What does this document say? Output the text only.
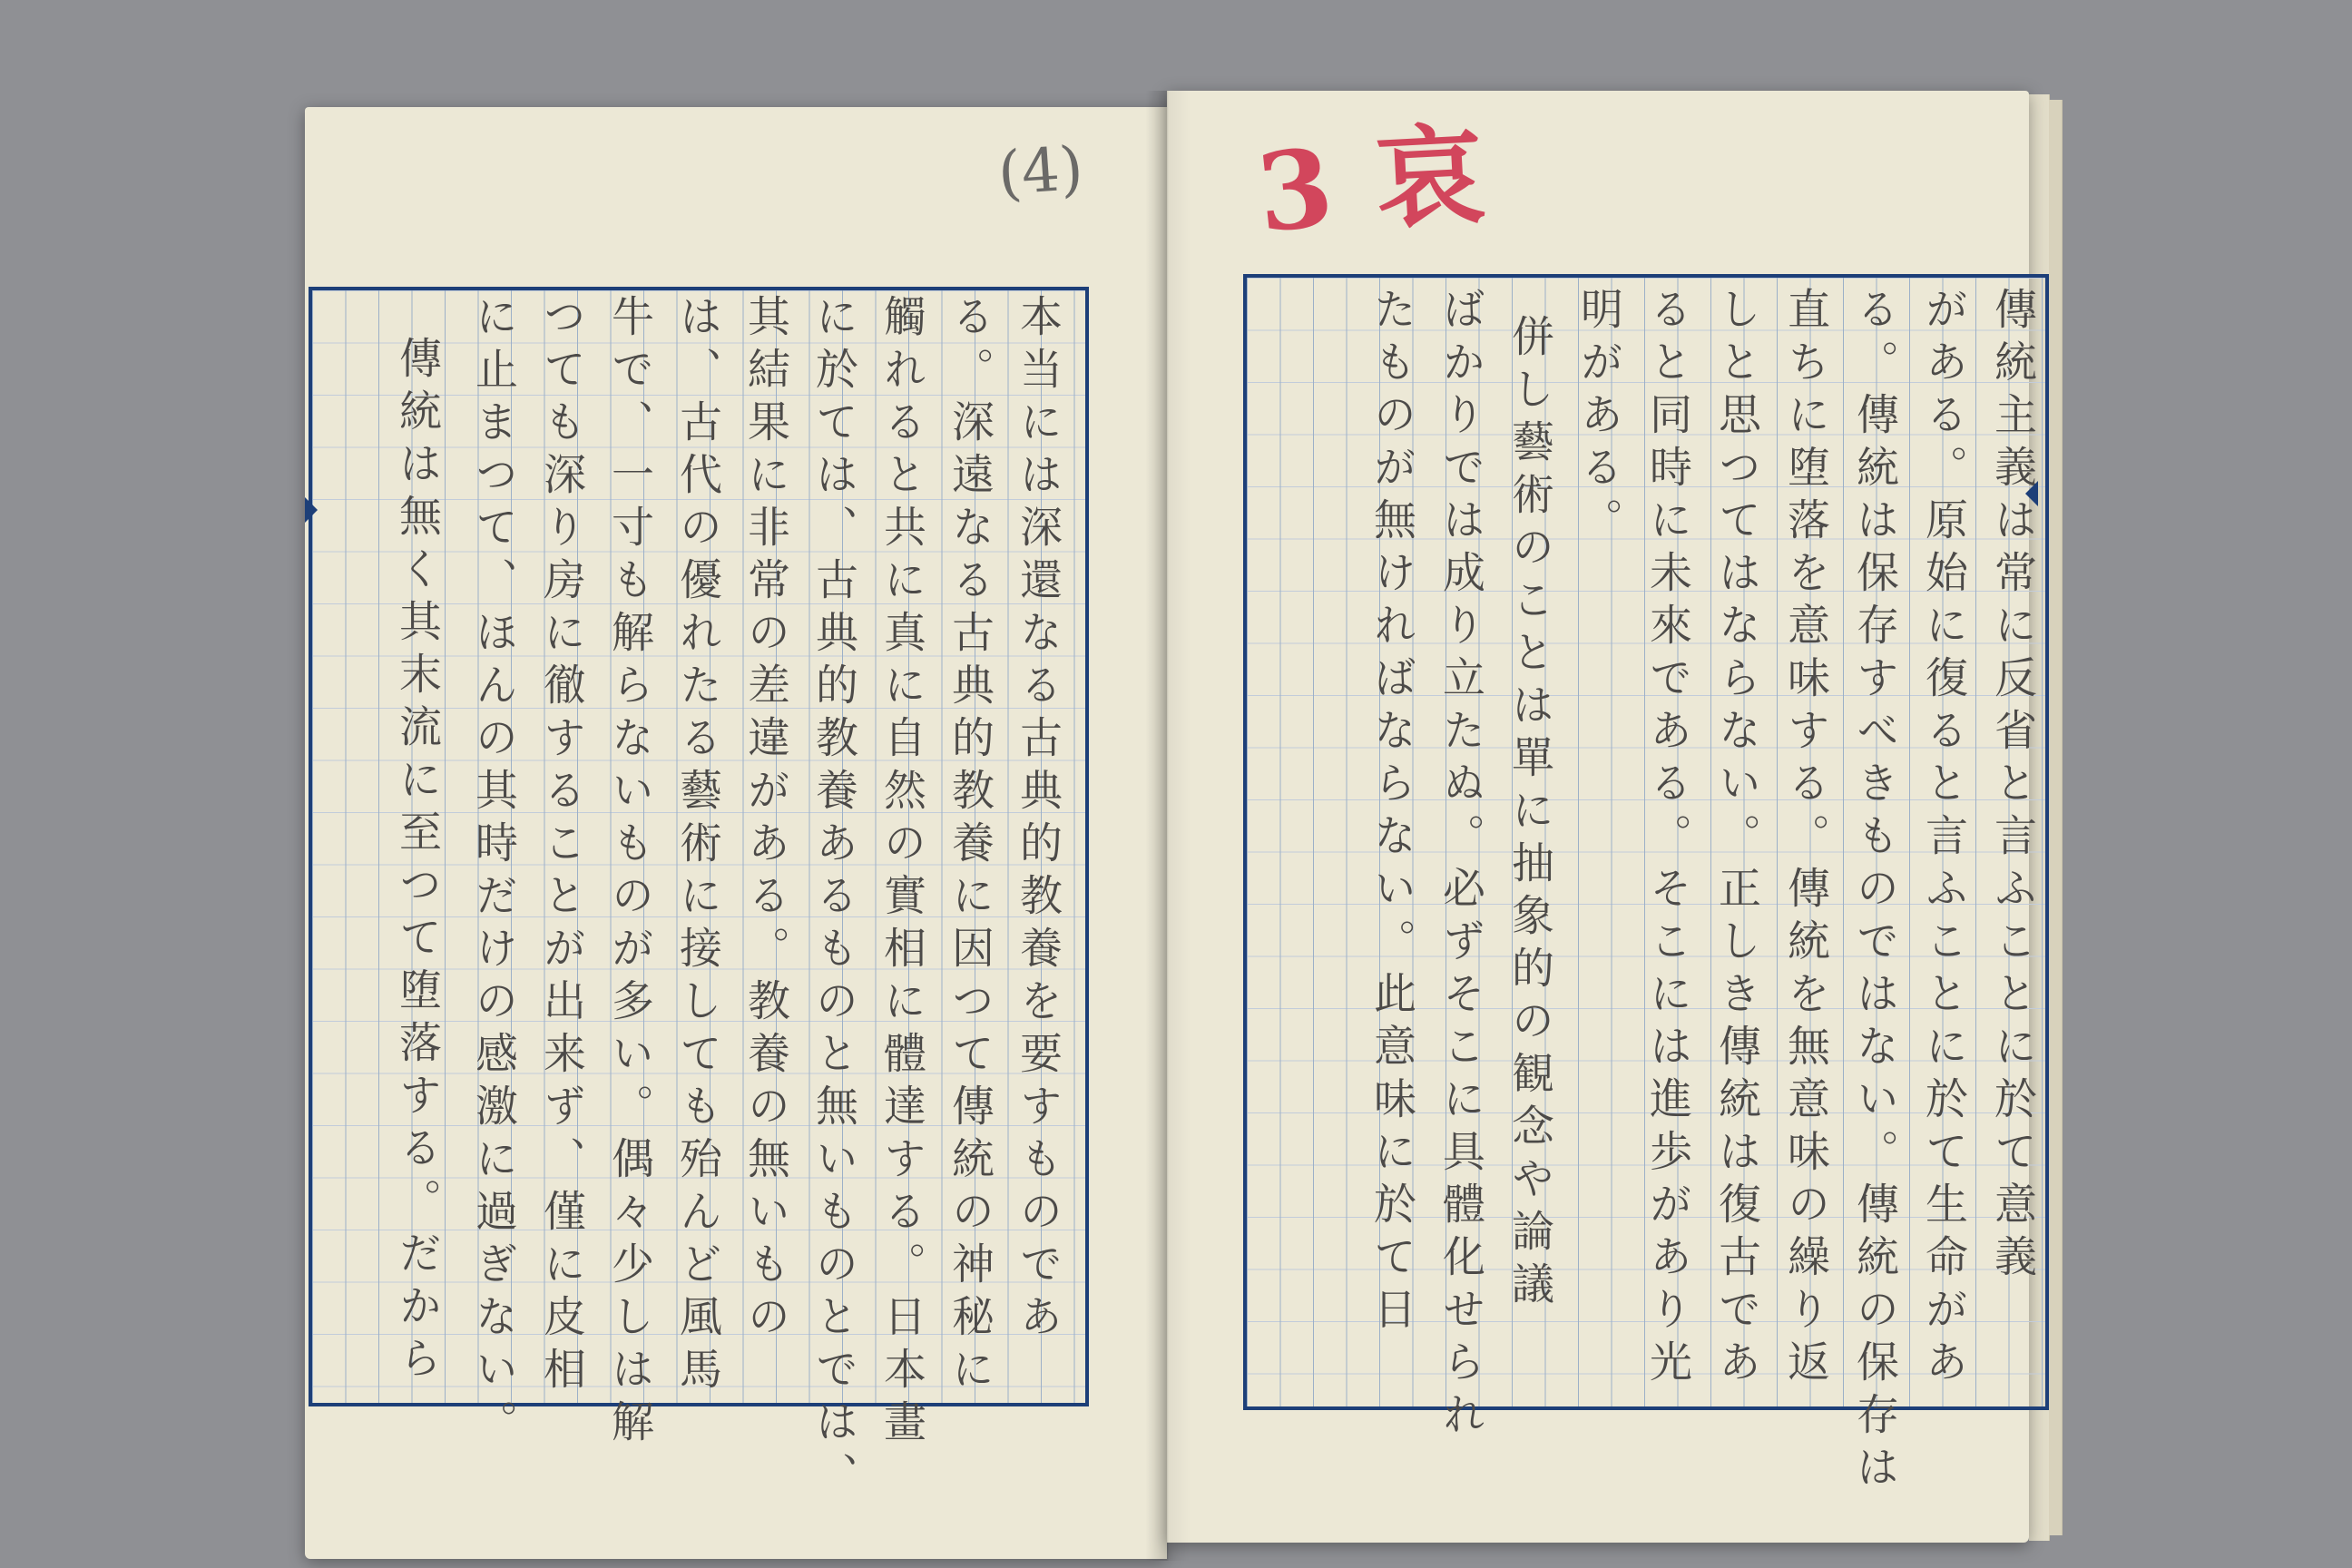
(4) 3 哀
本当には深還なる古典的教養を要すものであ
る。深遠なる古典的教養に因つて傳統の神秘に
觸れると共に真に自然の實相に體達する。日本畫
に於ては、古典的教養あるものと無いものとでは、
其結果に非常の差違がある。教養の無いもの
は、古代の優れたる藝術に接しても殆んど風馬
牛で、一寸も解らないものが多い。偶々少しは解
つても深り房に徹することが出来ず、僅に皮相
に止まつて、ほんの其時だけの感激に過ぎない。
傳統は無く其末流に至つて堕落する。だから	傳統主義は常に反省と言ふことに於て意義
がある。原始に復ると言ふことに於て生命があ
る。傳統は保存すべきものではない。傳統の保存は
直ちに堕落を意味する。傳統を無意味の繰り返
しと思つてはならない。正しき傳統は復古であ
ると同時に未來である。そこには進歩があり光
明がある。
併し藝術のことは單に抽象的の観念や論議
ばかりでは成り立たぬ。必ずそこに具體化せられ
たものが無ければならない。此意味に於て日
